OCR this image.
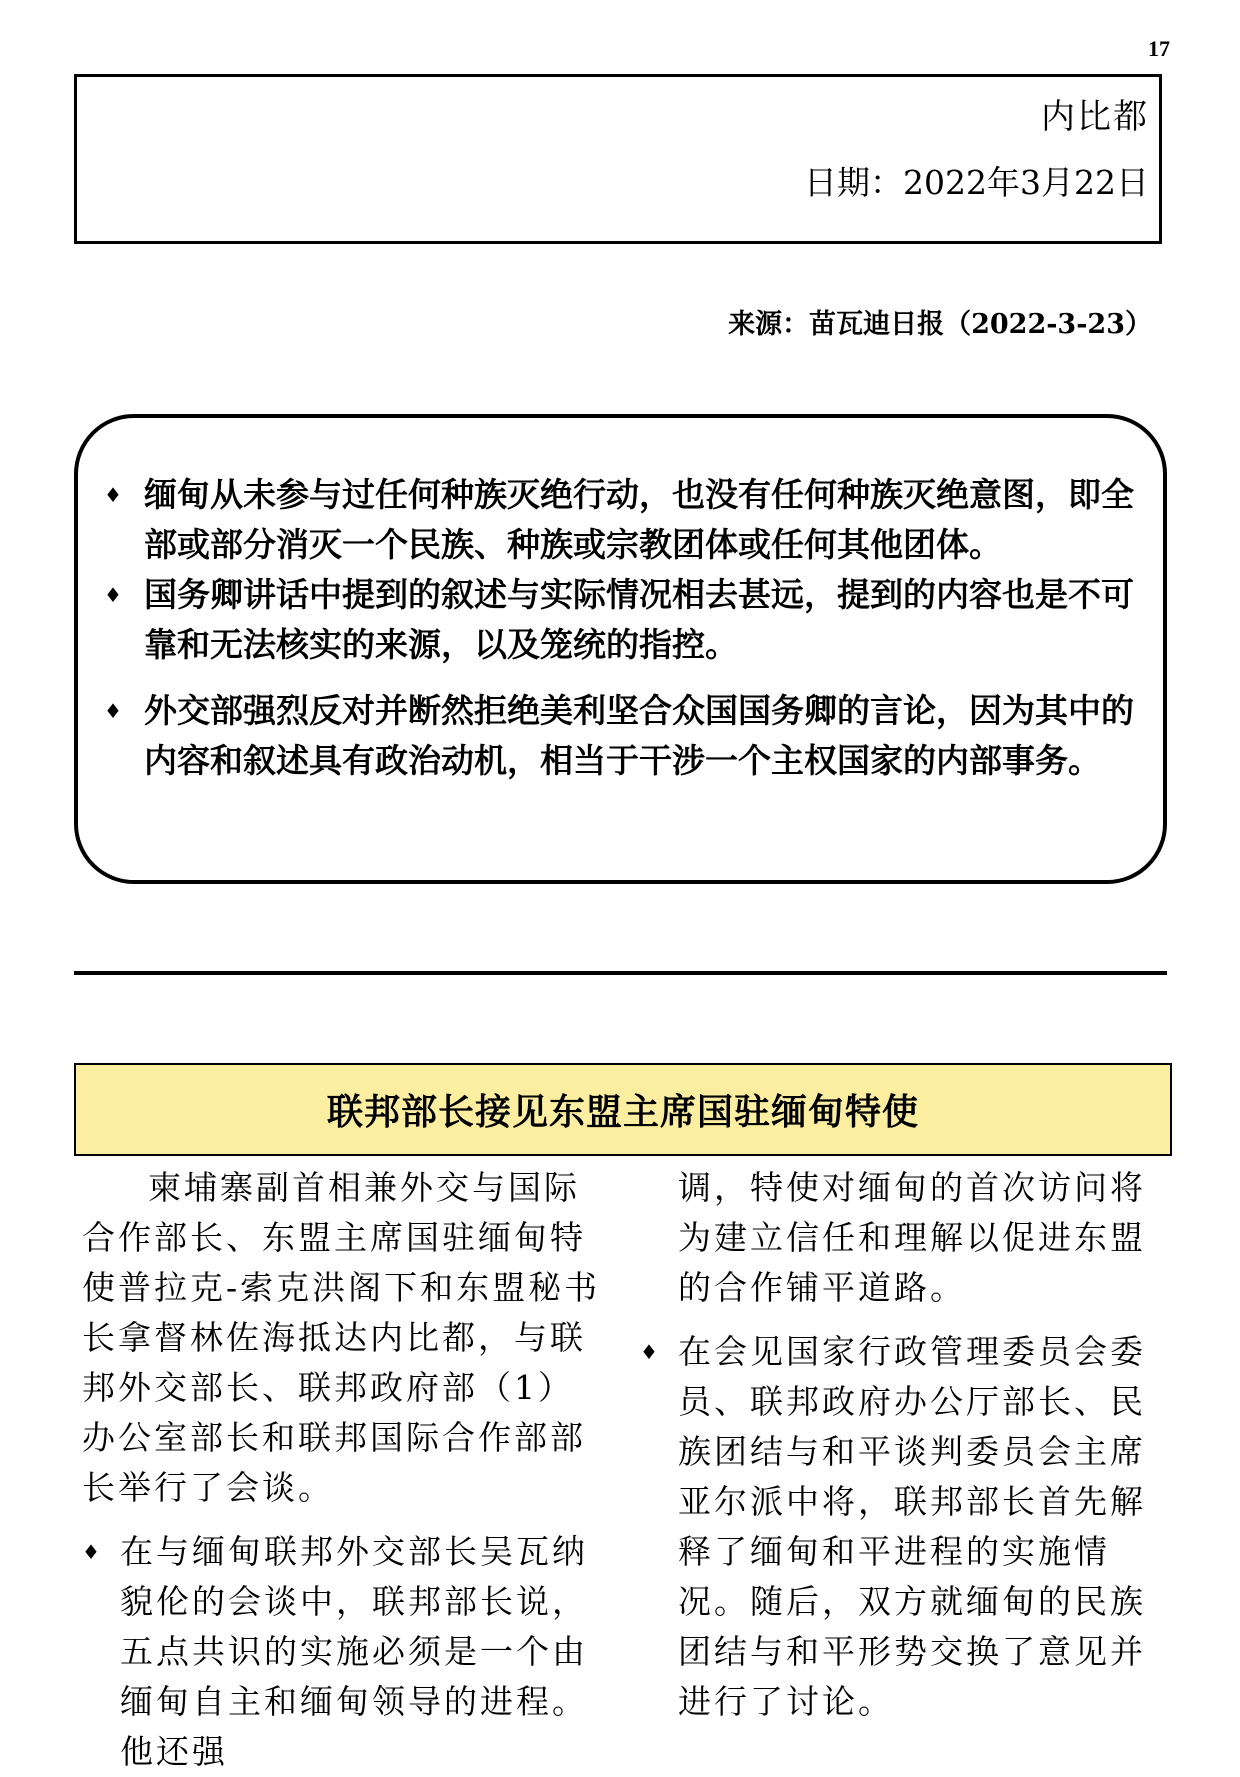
17
内比都
日期：2022年3月22日
来源：苗瓦迪日报（2022-3-23）
♦ 缅甸从未参与过任何种族灭绝行动，也没有任何种族灭绝意图，即全部或部分消灭一个民族、种族或宗教团体或任何其他团体。
♦ 国务卿讲话中提到的叙述与实际情况相去甚远，提到的内容也是不可靠和无法核实的来源，以及笼统的指控。
♦ 外交部强烈反对并断然拒绝美利坚合众国国务卿的言论，因为其中的内容和叙述具有政治动机，相当于干涉一个主权国家的内部事务。
联邦部长接见东盟主席国驻缅甸特使

柬埔寨副首相兼外交与国际合作部长、东盟主席国驻缅甸特使普拉克-索克洪阁下和东盟秘书长拿督林佐海抵达内比都，与联邦外交部长、联邦政府部（1）办公室部长和联邦国际合作部部长举行了会谈。

♦ 在与缅甸联邦外交部长吴瓦纳貌伦的会谈中，联邦部长说，五点共识的实施必须是一个由缅甸自主和缅甸领导的进程。他还强

调，特使对缅甸的首次访问将为建立信任和理解以促进东盟的合作铺平道路。

♦ 在会见国家行政管理委员会委员、联邦政府办公厅部长、民族团结与和平谈判委员会主席亚尔派中将，联邦部长首先解释了缅甸和平进程的实施情况。随后，双方就缅甸的民族团结与和平形势交换了意见并进行了讨论。
